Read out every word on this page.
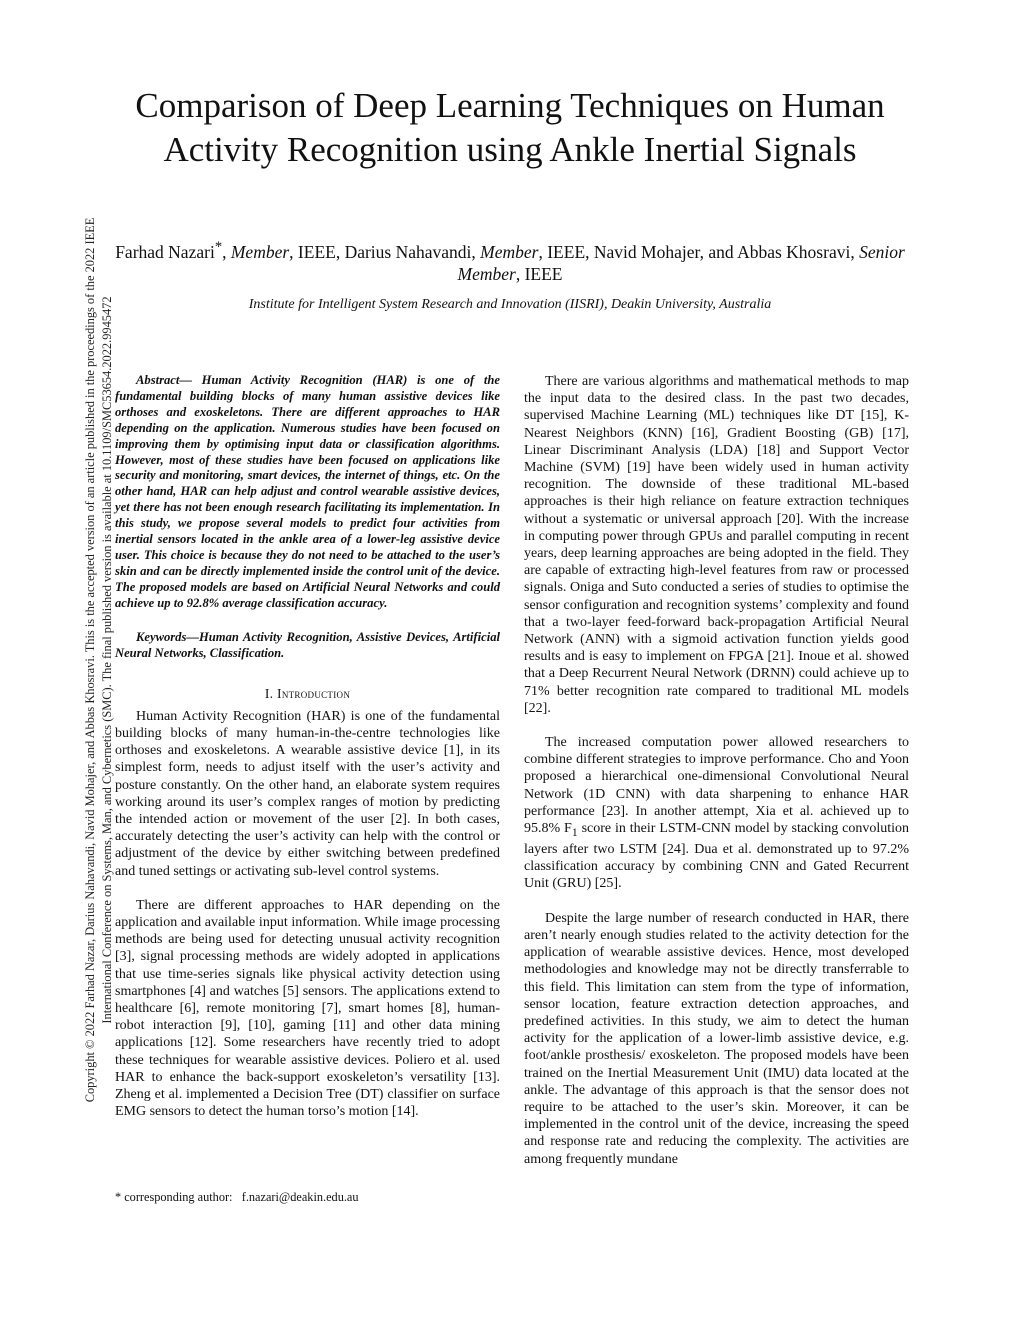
Copyright © 2022 Farhad Nazar, Darius Nahavandi, Navid Mohajer, and Abbas Khosravi. This is the accepted version of an article published in the proceedings of the 2022 IEEE International Conference on Systems, Man, and Cybernetics (SMC). The final published version is available at 10.1109/SMC53654.2022.9945472
Comparison of Deep Learning Techniques on Human Activity Recognition using Ankle Inertial Signals
Farhad Nazari*, Member, IEEE, Darius Nahavandi, Member, IEEE, Navid Mohajer, and Abbas Khosravi, Senior Member, IEEE
Institute for Intelligent System Research and Innovation (IISRI), Deakin University, Australia
Abstract— Human Activity Recognition (HAR) is one of the fundamental building blocks of many human assistive devices like orthoses and exoskeletons. There are different approaches to HAR depending on the application. Numerous studies have been focused on improving them by optimising input data or classification algorithms. However, most of these studies have been focused on applications like security and monitoring, smart devices, the internet of things, etc. On the other hand, HAR can help adjust and control wearable assistive devices, yet there has not been enough research facilitating its implementation. In this study, we propose several models to predict four activities from inertial sensors located in the ankle area of a lower-leg assistive device user. This choice is because they do not need to be attached to the user’s skin and can be directly implemented inside the control unit of the device. The proposed models are based on Artificial Neural Networks and could achieve up to 92.8% average classification accuracy.
Keywords—Human Activity Recognition, Assistive Devices, Artificial Neural Networks, Classification.
I. Introduction

Human Activity Recognition (HAR) is one of the fundamental building blocks of many human-in-the-centre technologies like orthoses and exoskeletons. A wearable assistive device [1], in its simplest form, needs to adjust itself with the user’s activity and posture constantly. On the other hand, an elaborate system requires working around its user’s complex ranges of motion by predicting the intended action or movement of the user [2]. In both cases, accurately detecting the user’s activity can help with the control or adjustment of the device by either switching between predefined and tuned settings or activating sub-level control systems.

There are different approaches to HAR depending on the application and available input information. While image processing methods are being used for detecting unusual activity recognition [3], signal processing methods are widely adopted in applications that use time-series signals like physical activity detection using smartphones [4] and watches [5] sensors. The applications extend to healthcare [6], remote monitoring [7], smart homes [8], human-robot interaction [9], [10], gaming [11] and other data mining applications [12]. Some researchers have recently tried to adopt these techniques for wearable assistive devices. Poliero et al. used HAR to enhance the back-support exoskeleton’s versatility [13]. Zheng et al. implemented a Decision Tree (DT) classifier on surface EMG sensors to detect the human torso’s motion [14].

There are various algorithms and mathematical methods to map the input data to the desired class. In the past two decades, supervised Machine Learning (ML) techniques like DT [15], K-Nearest Neighbors (KNN) [16], Gradient Boosting (GB) [17], Linear Discriminant Analysis (LDA) [18] and Support Vector Machine (SVM) [19] have been widely used in human activity recognition. The downside of these traditional ML-based approaches is their high reliance on feature extraction techniques without a systematic or universal approach [20]. With the increase in computing power through GPUs and parallel computing in recent years, deep learning approaches are being adopted in the field. They are capable of extracting high-level features from raw or processed signals. Oniga and Suto conducted a series of studies to optimise the sensor configuration and recognition systems’ complexity and found that a two-layer feed-forward back-propagation Artificial Neural Network (ANN) with a sigmoid activation function yields good results and is easy to implement on FPGA [21]. Inoue et al. showed that a Deep Recurrent Neural Network (DRNN) could achieve up to 71% better recognition rate compared to traditional ML models [22].

The increased computation power allowed researchers to combine different strategies to improve performance. Cho and Yoon proposed a hierarchical one-dimensional Convolutional Neural Network (1D CNN) with data sharpening to enhance HAR performance [23]. In another attempt, Xia et al. achieved up to 95.8% $F_1$ score in their LSTM-CNN model by stacking convolution layers after two LSTM [24]. Dua et al. demonstrated up to 97.2% classification accuracy by combining CNN and Gated Recurrent Unit (GRU) [25].

Despite the large number of research conducted in HAR, there aren’t nearly enough studies related to the activity detection for the application of wearable assistive devices. Hence, most developed methodologies and knowledge may not be directly transferrable to this field. This limitation can stem from the type of information, sensor location, feature extraction detection approaches, and predefined activities. In this study, we aim to detect the human activity for the application of a lower-limb assistive device, e.g. foot/ankle prosthesis/ exoskeleton. The proposed models have been trained on the Inertial Measurement Unit (IMU) data located at the ankle. The advantage of this approach is that the sensor does not require to be attached to the user’s skin. Moreover, it can be implemented in the control unit of the device, increasing the speed and response rate and reducing the complexity. The activities are among frequently mundane

* corresponding author: f.nazari@deakin.edu.au
